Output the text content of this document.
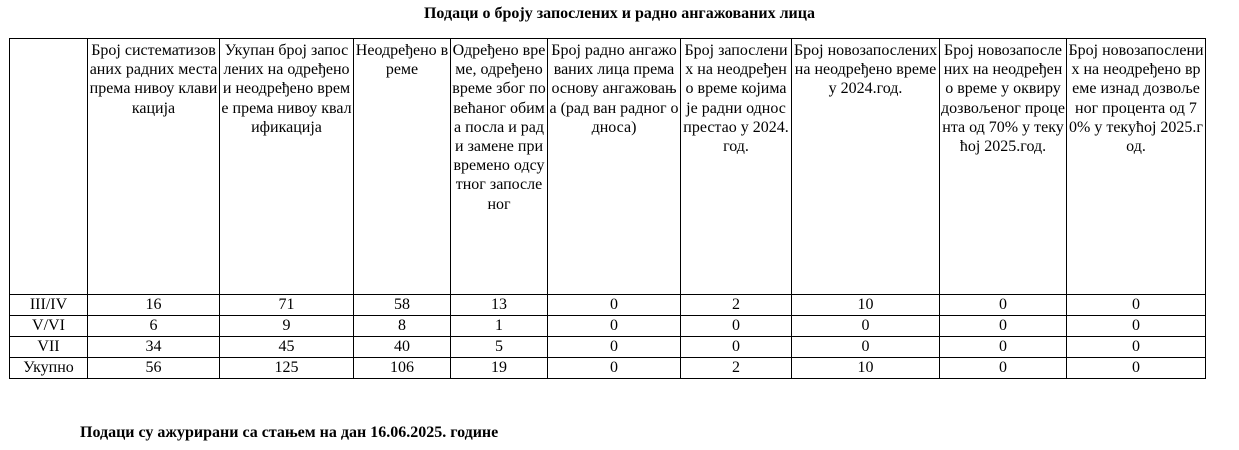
Подаци о броју запослених и радно ангажованих лица
	Број систематизованих радних места према нивоу клавикација	Укупан број запослених на одређено и неодређено време према нивоу квалификација	Неодређено време	Одређено време, одређено време због повећаног обима посла и ради замене привремено одсутног запосленог	Број радно ангажованих лица према основу ангажовања (рад ван радног односа)	Број запослених на неодређено време којима је радни однос престао у 2024. год.	Број новозапослених на неодређено време у 2024.год.	Број новозапослених на неодређено време у оквиру дозвољеног процента од 70% у текућој 2025.год.	Број новозапослених на неодређено време изнад дозвољеног процента од 70% у текућој 2025.год.
III/IV	16	71	58	13	0	2	10	0	0
V/VI	6	9	8	1	0	0	0	0	0
VII	34	45	40	5	0	0	0	0	0
Укупно	56	125	106	19	0	2	10	0	0
Подаци су ажурирани са стањем на дан 16.06.2025. године
